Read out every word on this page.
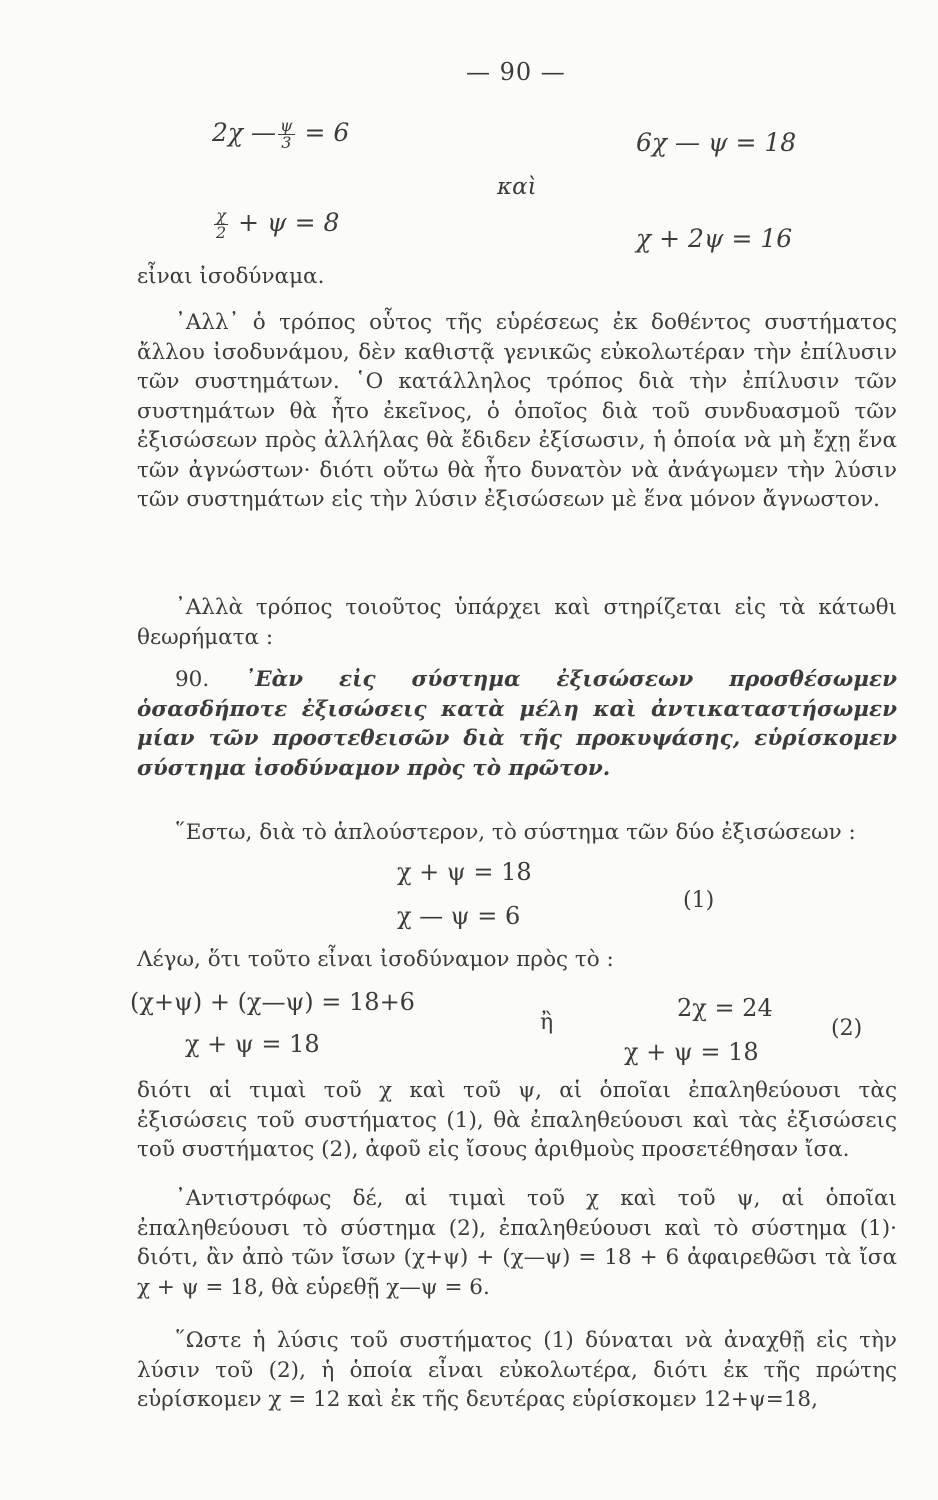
— 90 —
2χ — $\frac{\psi}{3} = 6$
$\frac{\chi}{2} + \psi = 8$
καὶ
6χ — ψ = 18
χ + 2ψ = 16
εἶναι ἰσοδύναμα.
᾿Αλλ᾿ ὁ τρόπος οὗτος τῆς εὑρέσεως ἐκ δοθέντος συστήματος ἄλλου ἰσοδυνάμου, δὲν καθιστᾷ γενικῶς εὐκολωτέραν τὴν ἐπίλυσιν τῶν συστημάτων. ῾Ο κατάλληλος τρόπος διὰ τὴν ἐπίλυσιν τῶν συστημάτων θὰ ἦτο ἐκεῖνος, ὁ ὁποῖος διὰ τοῦ συνδυασμοῦ τῶν ἐξισώσεων πρὸς ἀλλήλας θὰ ἔδιδεν ἐξίσωσιν, ἡ ὁποία νὰ μὴ ἔχῃ ἕνα τῶν ἀγνώστων· διότι οὕτω θὰ ἦτο δυνατὸν νὰ ἀνάγωμεν τὴν λύσιν τῶν συστημάτων εἰς τὴν λύσιν ἐξισώσεων μὲ ἕνα μόνον ἄγνωστον.
᾿Αλλὰ τρόπος τοιοῦτος ὑπάρχει καὶ στηρίζεται εἰς τὰ κάτωθι θεωρήματα :
90. ᾿Εὰν εἰς σύστημα ἐξισώσεων προσθέσωμεν ὁσασδήποτε ἐξισώσεις κατὰ μέλη καὶ ἀντικαταστήσωμεν μίαν τῶν προστεθεισῶν διὰ τῆς προκυψάσης, εὑρίσκομεν σύστημα ἰσοδύναμον πρὸς τὸ πρῶτον.
῞Εστω, διὰ τὸ ἁπλούστερον, τὸ σύστημα τῶν δύο ἐξισώσεων :
χ + ψ = 18
χ — ψ = 6
(1)
Λέγω, ὅτι τοῦτο εἶναι ἰσοδύναμον πρὸς τὸ :
(χ+ψ) + (χ—ψ) = 18+6
χ + ψ = 18
ἢ
2χ = 24
χ + ψ = 18
(2)
διότι αἱ τιμαὶ τοῦ χ καὶ τοῦ ψ, αἱ ὁποῖαι ἐπαληθεύουσι τὰς ἐξισώσεις τοῦ συστήματος (1), θὰ ἐπαληθεύουσι καὶ τὰς ἐξισώσεις τοῦ συστήματος (2), ἀφοῦ εἰς ἴσους ἀριθμοὺς προσετέθησαν ἴσα.
᾿Αντιστρόφως δέ, αἱ τιμαὶ τοῦ χ καὶ τοῦ ψ, αἱ ὁποῖαι ἐπαληθεύουσι τὸ σύστημα (2), ἐπαληθεύουσι καὶ τὸ σύστημα (1)· διότι, ἂν ἀπὸ τῶν ἴσων (χ+ψ) + (χ—ψ) = 18 + 6 ἀφαιρεθῶσι τὰ ἴσα χ + ψ = 18, θὰ εὑρεθῇ χ—ψ = 6.
῞Ωστε ἡ λύσις τοῦ συστήματος (1) δύναται νὰ ἀναχθῇ εἰς τὴν λύσιν τοῦ (2), ἡ ὁποία εἶναι εὐκολωτέρα, διότι ἐκ τῆς πρώτης εὑρίσκομεν χ = 12 καὶ ἐκ τῆς δευτέρας εὑρίσκομεν 12+ψ=18,
